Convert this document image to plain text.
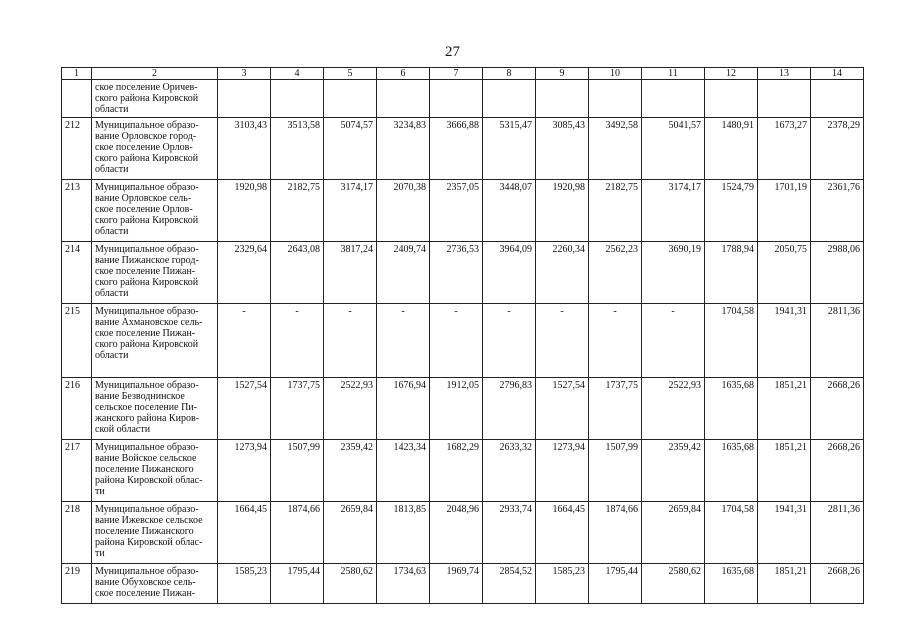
27
1	2	3	4	5	6	7	8	9	10	11	12	13	14

	ское поселение Оричев-
ского района Кировской
области												

212	Муниципальное образо-
вание Орловское город-
ское поселение Орлов-
ского района Кировской
области	3103,43	3513,58	5074,57	3234,83	3666,88	5315,47	3085,43	3492,58	5041,57	1480,91	1673,27	2378,29
213	Муниципальное образо-
вание Орловское сель-
ское поселение Орлов-
ского района Кировской
области	1920,98	2182,75	3174,17	2070,38	2357,05	3448,07	1920,98	2182,75	3174,17	1524,79	1701,19	2361,76
214	Муниципальное образо-
вание Пижанское город-
ское поселение Пижан-
ского района Кировской
области	2329,64	2643,08	3817,24	2409,74	2736,53	3964,09	2260,34	2562,23	3690,19	1788,94	2050,75	2988,06
215	Муниципальное образо-
вание Ахмановское сель-
ское поселение Пижан-
ского района Кировской
области	-	-	-	-	-	-	-	-	-	1704,58	1941,31	2811,36
216	Муниципальное образо-
вание Безводнинское
сельское поселение Пи-
жанского района Киров-
ской области	1527,54	1737,75	2522,93	1676,94	1912,05	2796,83	1527,54	1737,75	2522,93	1635,68	1851,21	2668,26
217	Муниципальное образо-
вание Войское сельское
поселение Пижанского
района Кировской облас-
ти	1273,94	1507,99	2359,42	1423,34	1682,29	2633,32	1273,94	1507,99	2359,42	1635,68	1851,21	2668,26
218	Муниципальное образо-
вание Ижевское сельское
поселение Пижанского
района Кировской облас-
ти	1664,45	1874,66	2659,84	1813,85	2048,96	2933,74	1664,45	1874,66	2659,84	1704,58	1941,31	2811,36
219	Муниципальное образо-
вание Обуховское сель-
ское поселение Пижан-	1585,23	1795,44	2580,62	1734,63	1969,74	2854,52	1585,23	1795,44	2580,62	1635,68	1851,21	2668,26
